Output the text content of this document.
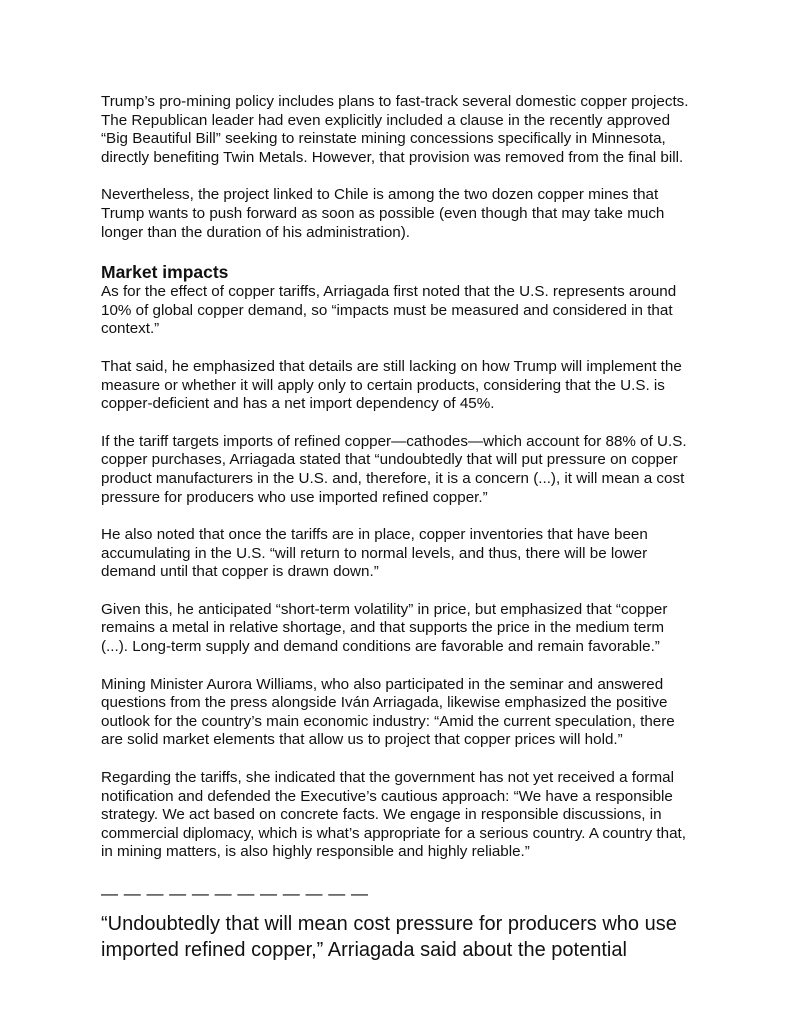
Trump’s pro-mining policy includes plans to fast-track several domestic copper projects.
The Republican leader had even explicitly included a clause in the recently approved
“Big Beautiful Bill” seeking to reinstate mining concessions specifically in Minnesota,
directly benefiting Twin Metals. However, that provision was removed from the final bill.

Nevertheless, the project linked to Chile is among the two dozen copper mines that
Trump wants to push forward as soon as possible (even though that may take much
longer than the duration of his administration).

Market impacts

As for the effect of copper tariffs, Arriagada first noted that the U.S. represents around
10% of global copper demand, so “impacts must be measured and considered in that
context.”

That said, he emphasized that details are still lacking on how Trump will implement the
measure or whether it will apply only to certain products, considering that the U.S. is
copper-deficient and has a net import dependency of 45%.

If the tariff targets imports of refined copper—cathodes—which account for 88% of U.S.
copper purchases, Arriagada stated that “undoubtedly that will put pressure on copper
product manufacturers in the U.S. and, therefore, it is a concern (...), it will mean a cost
pressure for producers who use imported refined copper.”

He also noted that once the tariffs are in place, copper inventories that have been
accumulating in the U.S. “will return to normal levels, and thus, there will be lower
demand until that copper is drawn down.”

Given this, he anticipated “short-term volatility” in price, but emphasized that “copper
remains a metal in relative shortage, and that supports the price in the medium term
(...). Long-term supply and demand conditions are favorable and remain favorable.”

Mining Minister Aurora Williams, who also participated in the seminar and answered
questions from the press alongside Iván Arriagada, likewise emphasized the positive
outlook for the country’s main economic industry: “Amid the current speculation, there
are solid market elements that allow us to project that copper prices will hold.”

Regarding the tariffs, she indicated that the government has not yet received a formal
notification and defended the Executive’s cautious approach: “We have a responsible
strategy. We act based on concrete facts. We engage in responsible discussions, in
commercial diplomacy, which is what’s appropriate for a serious country. A country that,
in mining matters, is also highly responsible and highly reliable.”

— — — — — — — — — — — —
“Undoubtedly that will mean cost pressure for producers who use
imported refined copper,” Arriagada said about the potential
